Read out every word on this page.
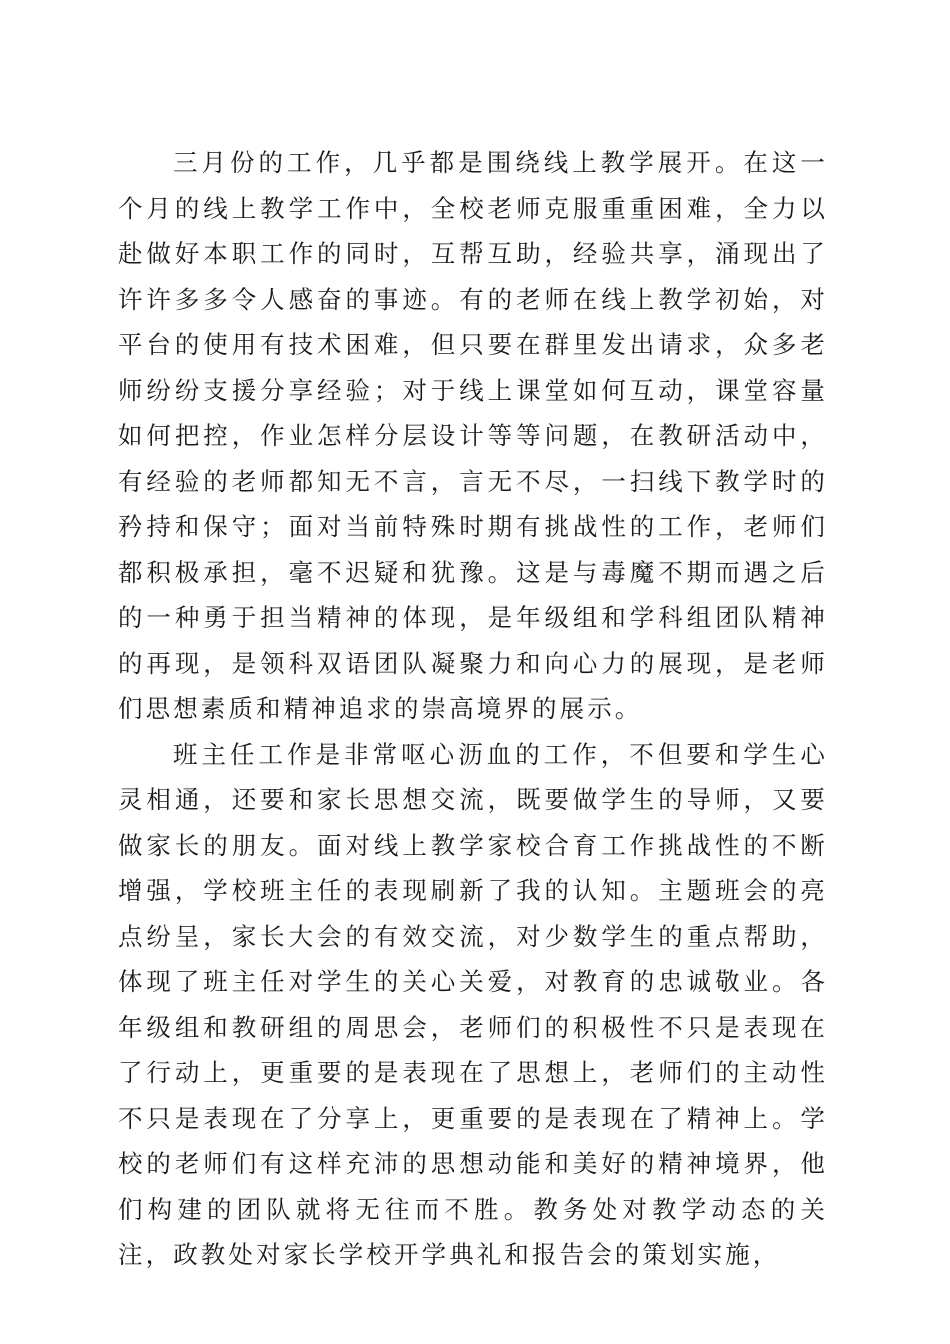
三月份的工作，几乎都是围绕线上教学展开。在这一个月的线上教学工作中，全校老师克服重重困难，全力以赴做好本职工作的同时，互帮互助，经验共享，涌现出了许许多多令人感奋的事迹。有的老师在线上教学初始，对平台的使用有技术困难，但只要在群里发出请求，众多老师纷纷支援分享经验；对于线上课堂如何互动，课堂容量如何把控，作业怎样分层设计等等问题，在教研活动中，有经验的老师都知无不言，言无不尽，一扫线下教学时的矜持和保守；面对当前特殊时期有挑战性的工作，老师们都积极承担，毫不迟疑和犹豫。这是与毒魔不期而遇之后的一种勇于担当精神的体现，是年级组和学科组团队精神的再现，是领科双语团队凝聚力和向心力的展现，是老师们思想素质和精神追求的崇高境界的展示。

班主任工作是非常呕心沥血的工作，不但要和学生心灵相通，还要和家长思想交流，既要做学生的导师，又要做家长的朋友。面对线上教学家校合育工作挑战性的不断增强，学校班主任的表现刷新了我的认知。主题班会的亮点纷呈，家长大会的有效交流，对少数学生的重点帮助，体现了班主任对学生的关心关爱，对教育的忠诚敬业。各年级组和教研组的周思会，老师们的积极性不只是表现在了行动上，更重要的是表现在了思想上，老师们的主动性不只是表现在了分享上，更重要的是表现在了精神上。学校的老师们有这样充沛的思想动能和美好的精神境界，他们构建的团队就将无往而不胜。教务处对教学动态的关注，政教处对家长学校开学典礼和报告会的策划实施，
